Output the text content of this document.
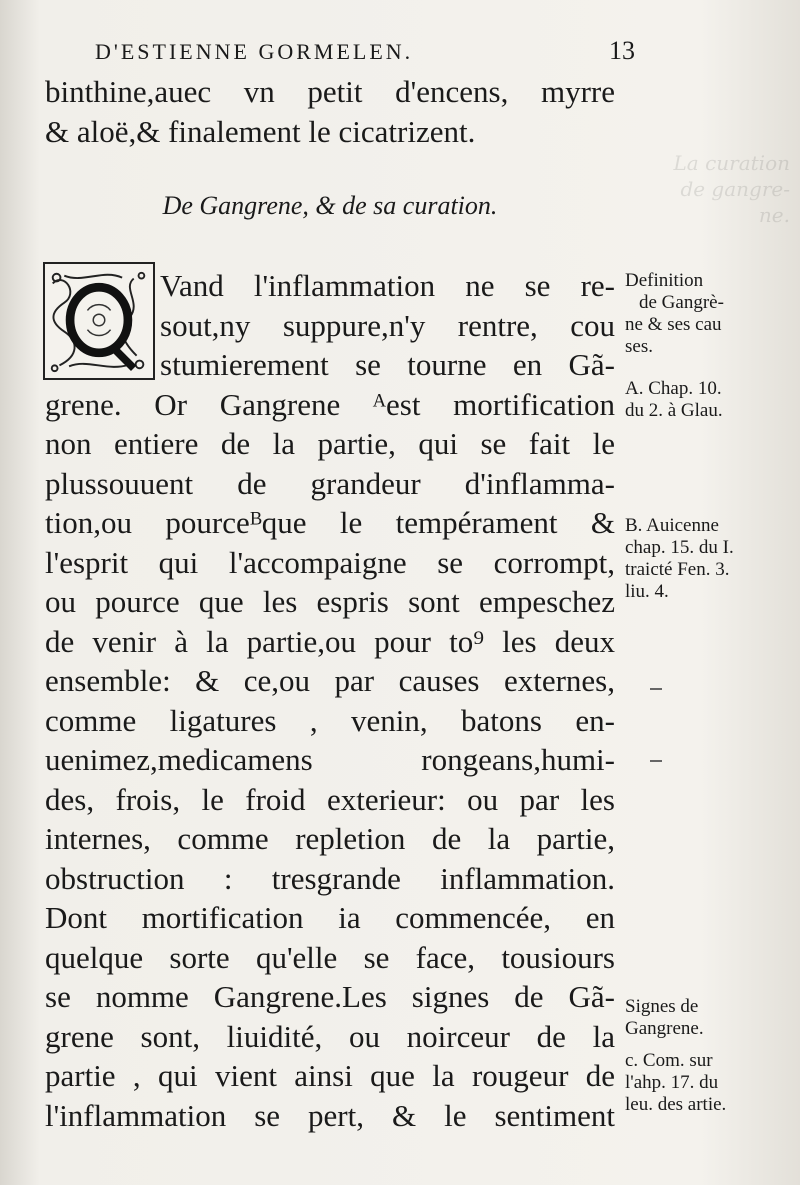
La curation
de gangre-
ne.
D'ESTIENNE GORMELEN.	13
binthine,auec vn petit d'encens, myrre
& aloë,& finalement le cicatrizent.
De Gangrene, & de sa curation.
Vand l'inflammation ne se re-
sout,ny suppure,n'y rentre, cou
stumierement se tourne en Gã-
grene. Or Gangrene ᴬest mortification
non entiere de la partie, qui se fait le
plussouuent de grandeur d'inflamma-
tion,ou pourceᴮque le tempérament &
l'esprit qui l'accompaigne se corrompt,
ou pource que les espris sont empeschez
de venir à la partie,ou pour to⁹ les deux
ensemble: & ce,ou par causes externes,
comme ligatures , venin, batons en-
uenimez,medicamens rongeans,humi-
des, frois, le froid exterieur: ou par les
internes, comme repletion de la partie,
obstruction : tresgrande inflammation.
Dont mortification ia commencée, en
quelque sorte qu'elle se face, tousiours
se nomme Gangrene.Les signes de Gã-
grene sont, liuidité, ou noirceur de la
partie , qui vient ainsi que la rougeur de
l'inflammation se pert, & le sentiment
Definition
de Gangrè-
ne & ses cau
ses.
A. Chap. 10.
du 2. à Glau.
B. Auicenne
chap. 15. du I.
traicté Fen. 3.
liu. 4.
Signes de
Gangrene.
c. Com. sur
l'ahp. 17. du
leu. des artie.
